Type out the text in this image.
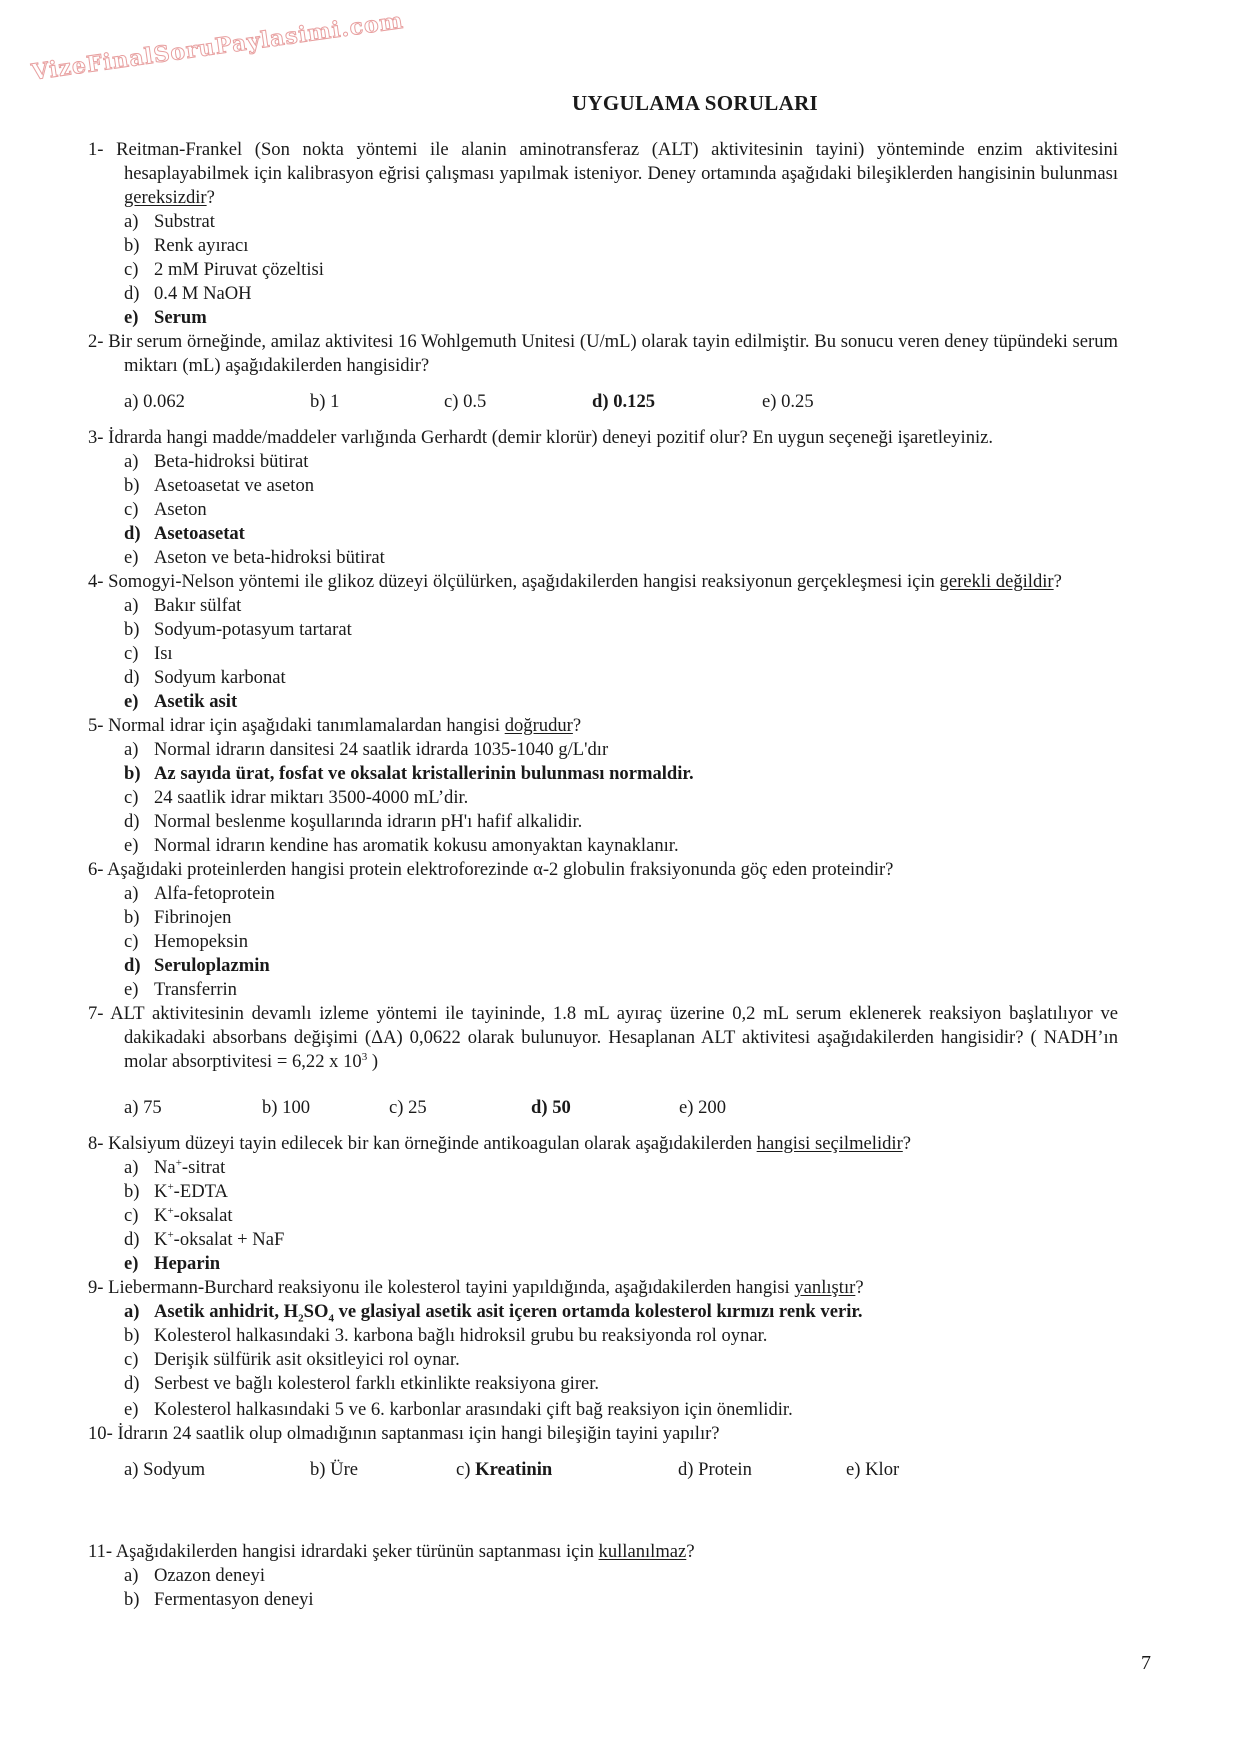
VizeFinalSoruPaylasimi.com
UYGULAMA SORULARI
1- Reitman-Frankel (Son nokta yöntemi ile alanin aminotransferaz (ALT) aktivitesinin tayini) yönteminde enzim aktivitesini hesaplayabilmek için kalibrasyon eğrisi çalışması yapılmak isteniyor. Deney ortamında aşağıdaki bileşiklerden hangisinin bulunması gereksizdir?
a) Substrat
b) Renk ayıracı
c) 2 mM Piruvat çözeltisi
d) 0.4 M NaOH
e) Serum
2- Bir serum örneğinde, amilaz aktivitesi 16 Wohlgemuth Unitesi (U/mL) olarak tayin edilmiştir. Bu sonucu veren deney tüpündeki serum miktarı (mL) aşağıdakilerden hangisidir?
a) 0.062	b) 1	c) 0.5	d) 0.125	e) 0.25
3- İdrarda hangi madde/maddeler varlığında Gerhardt (demir klorür) deneyi pozitif olur? En uygun seçeneği işaretleyiniz.
a) Beta-hidroksi bütirat
b) Asetoasetat ve aseton
c) Aseton
d) Asetoasetat
e) Aseton ve beta-hidroksi bütirat
4- Somogyi-Nelson yöntemi ile glikoz düzeyi ölçülürken, aşağıdakilerden hangisi reaksiyonun gerçekleşmesi için gerekli değildir?
a) Bakır sülfat
b) Sodyum-potasyum tartarat
c) Isı
d) Sodyum karbonat
e) Asetik asit
5- Normal idrar için aşağıdaki tanımlamalardan hangisi doğrudur?
a) Normal idrarın dansitesi 24 saatlik idrarda 1035-1040 g/L'dır
b) Az sayıda ürat, fosfat ve oksalat kristallerinin bulunması normaldir.
c) 24 saatlik idrar miktarı 3500-4000 mL’dir.
d) Normal beslenme koşullarında idrarın pH'ı hafif alkalidir.
e) Normal idrarın kendine has aromatik kokusu amonyaktan kaynaklanır.
6- Aşağıdaki proteinlerden hangisi protein elektroforezinde α-2 globulin fraksiyonunda göç eden proteindir?
a) Alfa-fetoprotein
b) Fibrinojen
c) Hemopeksin
d) Seruloplazmin
e) Transferrin
7- ALT aktivitesinin devamlı izleme yöntemi ile tayininde, 1.8 mL ayıraç üzerine 0,2 mL serum eklenerek reaksiyon başlatılıyor ve dakikadaki absorbans değişimi (ΔA) 0,0622 olarak bulunuyor. Hesaplanan ALT aktivitesi aşağıdakilerden hangisidir? ( NADH’ın molar absorptivitesi = 6,22 x $10^3$ )
a) 75	b) 100	c) 25	d) 50	e) 200
8- Kalsiyum düzeyi tayin edilecek bir kan örneğinde antikoagulan olarak aşağıdakilerden hangisi seçilmelidir?
a) Na+-sitrat
b) K+-EDTA
c) K+-oksalat
d) K+-oksalat + NaF
e) Heparin
9- Liebermann-Burchard reaksiyonu ile kolesterol tayini yapıldığında, aşağıdakilerden hangisi yanlıştır?
a) Asetik anhidrit, $H_2SO_4$ ve glasiyal asetik asit içeren ortamda kolesterol kırmızı renk verir.
b) Kolesterol halkasındaki 3. karbona bağlı hidroksil grubu bu reaksiyonda rol oynar.
c) Derişik sülfürik asit oksitleyici rol oynar.
d) Serbest ve bağlı kolesterol farklı etkinlikte reaksiyona girer.
e) Kolesterol halkasındaki 5 ve 6. karbonlar arasındaki çift bağ reaksiyon için önemlidir.
10- İdrarın 24 saatlik olup olmadığının saptanması için hangi bileşiğin tayini yapılır?
a) Sodyum	b) Üre	c) Kreatinin	d) Protein	e) Klor
11- Aşağıdakilerden hangisi idrardaki şeker türünün saptanması için kullanılmaz?
a) Ozazon deneyi
b) Fermentasyon deneyi
7
